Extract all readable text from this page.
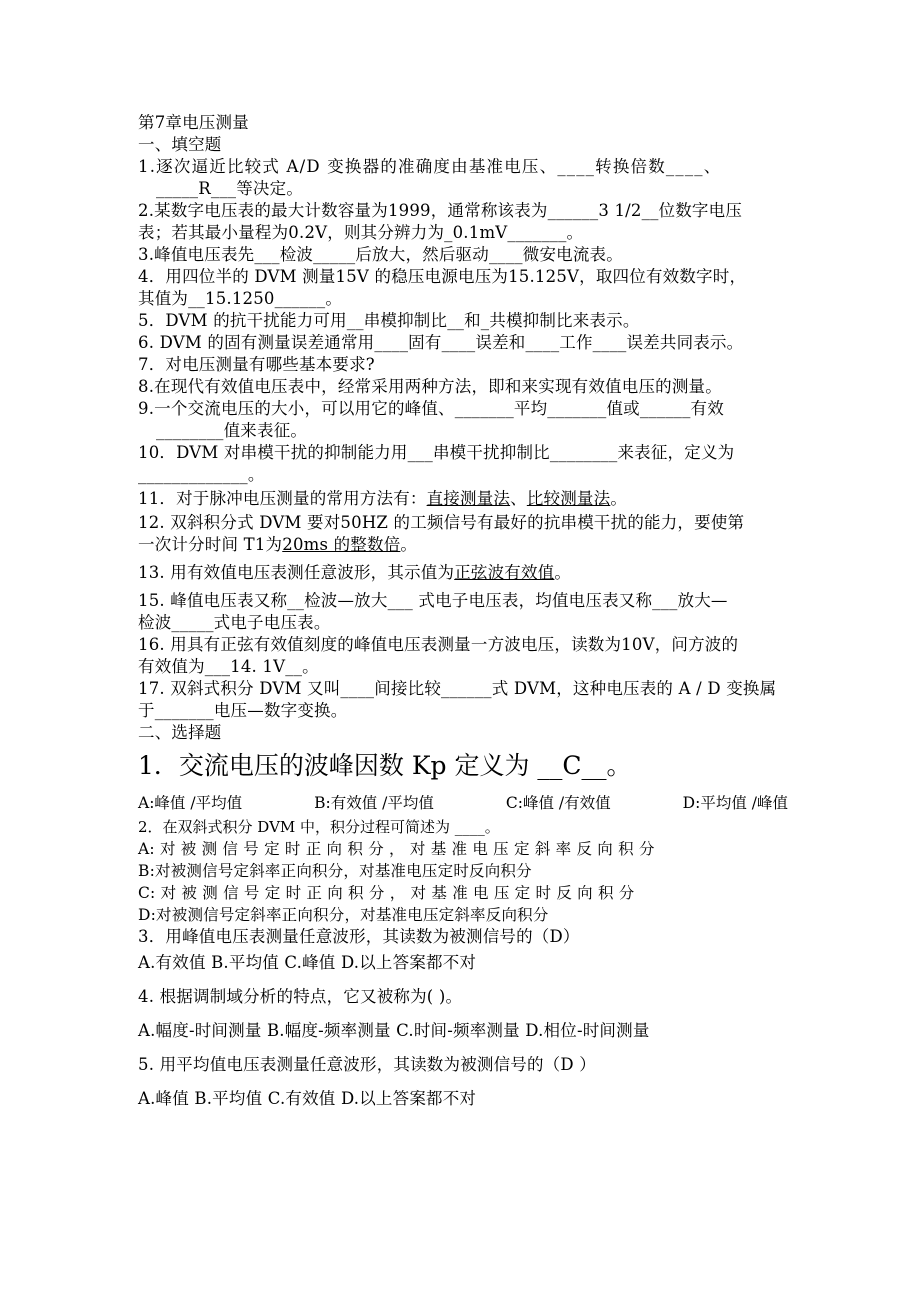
第7章电压测量
一、填空题
1.逐次逼近比较式 A/D 变换器的准确度由基准电压、____转换倍数____、
_____R___等决定。
2.某数字电压表的最大计数容量为1999，通常称该表为______3 1/2__位数字电压
表；若其最小量程为0.2V，则其分辨力为_0.1mV_______。
3.峰值电压表先___检波_____后放大，然后驱动____微安电流表。
4．用四位半的 DVM 测量15V 的稳压电源电压为15.125V，取四位有效数字时，
其值为__15.1250______。
5．DVM 的抗干扰能力可用__串模抑制比__和_共模抑制比来表示。
6. DVM 的固有测量误差通常用____固有____误差和____工作____误差共同表示。
7．对电压测量有哪些基本要求?
8.在现代有效值电压表中，经常采用两种方法，即和来实现有效值电压的测量。
9.一个交流电压的大小，可以用它的峰值、_______平均_______值或______有效
________值来表征。
10．DVM 对串模干扰的抑制能力用___串模干扰抑制比________来表征，定义为
_____________。
11．对于脉冲电压测量的常用方法有：直接测量法、比较测量法。
12. 双斜积分式 DVM 要对50HZ 的工频信号有最好的抗串模干扰的能力，要使第
一次计分时间 T1为20ms 的整数倍。
13. 用有效值电压表测任意波形，其示值为正弦波有效值。
15. 峰值电压表又称__检波—放大___ 式电子电压表，均值电压表又称___放大—
检波_____式电子电压表。
16. 用具有正弦有效值刻度的峰值电压表测量一方波电压，读数为10V，问方波的
有效值为___14. 1V__。
17. 双斜式积分 DVM 又叫____间接比较______式 DVM，这种电压表的 A / D 变换属
于_______电压—数字变换。
二、选择题
1．交流电压的波峰因数 Kp 定义为 __C__。
A:峰值 /平均值	B:有效值 /平均值	C:峰值 /有效值	D:平均值 /峰值
2．在双斜式积分 DVM 中，积分过程可简述为 ____。
A: 对 被 测 信 号 定 时 正 向 积 分 ， 对 基 准 电 压 定 斜 率 反 向 积 分
B:对被测信号定斜率正向积分，对基准电压定时反向积分
C: 对 被 测 信 号 定 时 正 向 积 分 ， 对 基 准 电 压 定 时 反 向 积 分
D:对被测信号定斜率正向积分，对基准电压定斜率反向积分
3．用峰值电压表测量任意波形，其读数为被测信号的（D）
A.有效值 B.平均值 C.峰值 D.以上答案都不对
4. 根据调制域分析的特点，它又被称为( )。
A.幅度-时间测量 B.幅度-频率测量 C.时间-频率测量 D.相位-时间测量
5. 用平均值电压表测量任意波形，其读数为被测信号的（D ）
A.峰值 B.平均值 C.有效值 D.以上答案都不对
